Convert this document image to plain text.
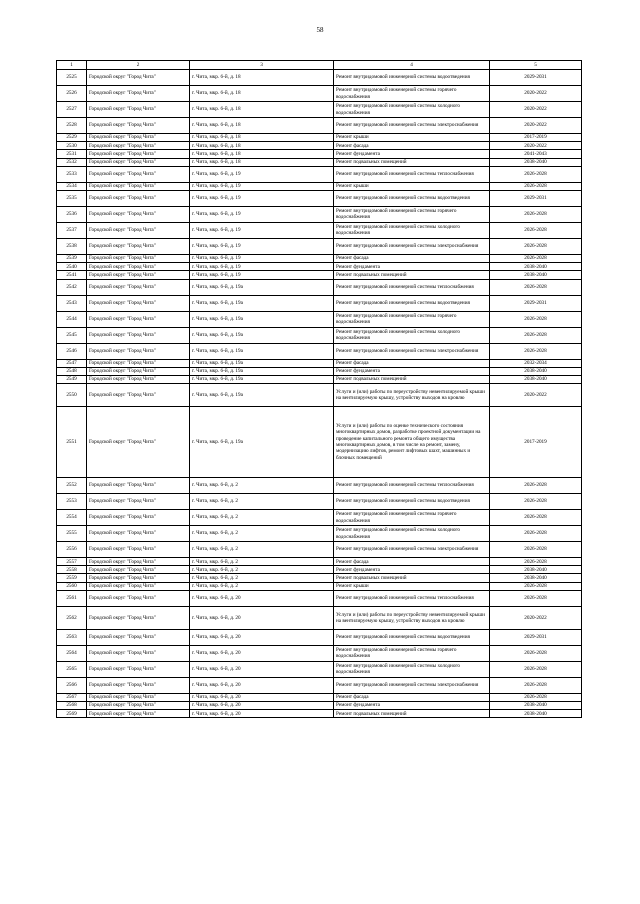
58
1	2	3	4	5
2525	Городской округ "Город Чита"	г. Чита, мкр. 6-й, д. 18	Ремонт внутридомовой инженерной системы водоотведения	2029-2031
2526	Городской округ "Город Чита"	г. Чита, мкр. 6-й, д. 18	Ремонт внутридомовой инженерной системы горячего водоснабжения	2020-2022
2527	Городской округ "Город Чита"	г. Чита, мкр. 6-й, д. 18	Ремонт внутридомовой инженерной системы холодного водоснабжения	2020-2022
2528	Городской округ "Город Чита"	г. Чита, мкр. 6-й, д. 18	Ремонт внутридомовой инженерной системы электроснабжения	2020-2022
2529	Городской округ "Город Чита"	г. Чита, мкр. 6-й, д. 18	Ремонт крыши	2017-2019
2530	Городской округ "Город Чита"	г. Чита, мкр. 6-й, д. 18	Ремонт фасада	2020-2022
2531	Городской округ "Город Чита"	г. Чита, мкр. 6-й, д. 18	Ремонт фундамента	2041-2043
2532	Городской округ "Город Чита"	г. Чита, мкр. 6-й, д. 18	Ремонт подвальных помещений	2038-2040
2533	Городской округ "Город Чита"	г. Чита, мкр. 6-й, д. 19	Ремонт внутридомовой инженерной системы теплоснабжения	2026-2028
2534	Городской округ "Город Чита"	г. Чита, мкр. 6-й, д. 19	Ремонт крыши	2026-2028
2535	Городской округ "Город Чита"	г. Чита, мкр. 6-й, д. 19	Ремонт внутридомовой инженерной системы водоотведения	2029-2031
2536	Городской округ "Город Чита"	г. Чита, мкр. 6-й, д. 19	Ремонт внутридомовой инженерной системы горячего водоснабжения	2026-2028
2537	Городской округ "Город Чита"	г. Чита, мкр. 6-й, д. 19	Ремонт внутридомовой инженерной системы холодного водоснабжения	2026-2028
2538	Городской округ "Город Чита"	г. Чита, мкр. 6-й, д. 19	Ремонт внутридомовой инженерной системы электроснабжения	2026-2028
2539	Городской округ "Город Чита"	г. Чита, мкр. 6-й, д. 19	Ремонт фасада	2026-2028
2540	Городской округ "Город Чита"	г. Чита, мкр. 6-й, д. 19	Ремонт фундамента	2038-2040
2541	Городской округ "Город Чита"	г. Чита, мкр. 6-й, д. 19	Ремонт подвальных помещений	2038-2040
2542	Городской округ "Город Чита"	г. Чита, мкр. 6-й, д. 19а	Ремонт внутридомовой инженерной системы теплоснабжения	2026-2028
2543	Городской округ "Город Чита"	г. Чита, мкр. 6-й, д. 19а	Ремонт внутридомовой инженерной системы водоотведения	2029-2031
2544	Городской округ "Город Чита"	г. Чита, мкр. 6-й, д. 19а	Ремонт внутридомовой инженерной системы горячего водоснабжения	2026-2028
2545	Городской округ "Город Чита"	г. Чита, мкр. 6-й, д. 19а	Ремонт внутридомовой инженерной системы холодного водоснабжения	2026-2028
2546	Городской округ "Город Чита"	г. Чита, мкр. 6-й, д. 19а	Ремонт внутридомовой инженерной системы электроснабжения	2026-2028
2547	Городской округ "Город Чита"	г. Чита, мкр. 6-й, д. 19а	Ремонт фасада	2032-2034
2548	Городской округ "Город Чита"	г. Чита, мкр. 6-й, д. 19а	Ремонт фундамента	2038-2040
2549	Городской округ "Город Чита"	г. Чита, мкр. 6-й, д. 19а	Ремонт подвальных помещений	2038-2040
2550	Городской округ "Город Чита"	г. Чита, мкр. 6-й, д. 19а	Услуги и (или) работы по переустройству невентилируемой крыши на вентилируемую крышу, устройству выходов на кровлю	2020-2022
2551	Городской округ "Город Чита"	г. Чита, мкр. 6-й, д. 19а	Услуги и (или) работы по оценке технического состояния многоквартирных домов, разработке проектной документации на проведение капитального ремонта общего имущества многоквартирных домов, в том числе на ремонт, замену, модернизацию лифтов, ремонт лифтовых шахт, машинных и блочных помещений	2017-2019
2552	Городской округ "Город Чита"	г. Чита, мкр. 6-й, д. 2	Ремонт внутридомовой инженерной системы теплоснабжения	2026-2028
2553	Городской округ "Город Чита"	г. Чита, мкр. 6-й, д. 2	Ремонт внутридомовой инженерной системы водоотведения	2026-2028
2554	Городской округ "Город Чита"	г. Чита, мкр. 6-й, д. 2	Ремонт внутридомовой инженерной системы горячего водоснабжения	2026-2028
2555	Городской округ "Город Чита"	г. Чита, мкр. 6-й, д. 2	Ремонт внутридомовой инженерной системы холодного водоснабжения	2026-2028
2556	Городской округ "Город Чита"	г. Чита, мкр. 6-й, д. 2	Ремонт внутридомовой инженерной системы электроснабжения	2026-2028
2557	Городской округ "Город Чита"	г. Чита, мкр. 6-й, д. 2	Ремонт фасада	2026-2028
2558	Городской округ "Город Чита"	г. Чита, мкр. 6-й, д. 2	Ремонт фундамента	2038-2040
2559	Городской округ "Город Чита"	г. Чита, мкр. 6-й, д. 2	Ремонт подвальных помещений	2038-2040
2560	Городской округ "Город Чита"	г. Чита, мкр. 6-й, д. 2	Ремонт крыши	2026-2028
2561	Городской округ "Город Чита"	г. Чита, мкр. 6-й, д. 20	Ремонт внутридомовой инженерной системы теплоснабжения	2026-2028
2562	Городской округ "Город Чита"	г. Чита, мкр. 6-й, д. 20	Услуги и (или) работы по переустройству невентилируемой крыши на вентилируемую крышу, устройству выходов на кровлю	2020-2022
2563	Городской округ "Город Чита"	г. Чита, мкр. 6-й, д. 20	Ремонт внутридомовой инженерной системы водоотведения	2029-2031
2564	Городской округ "Город Чита"	г. Чита, мкр. 6-й, д. 20	Ремонт внутридомовой инженерной системы горячего водоснабжения	2026-2028
2565	Городской округ "Город Чита"	г. Чита, мкр. 6-й, д. 20	Ремонт внутридомовой инженерной системы холодного водоснабжения	2026-2028
2566	Городской округ "Город Чита"	г. Чита, мкр. 6-й, д. 20	Ремонт внутридомовой инженерной системы электроснабжения	2026-2028
2567	Городской округ "Город Чита"	г. Чита, мкр. 6-й, д. 20	Ремонт фасада	2026-2028
2568	Городской округ "Город Чита"	г. Чита, мкр. 6-й, д. 20	Ремонт фундамента	2038-2040
2569	Городской округ "Город Чита"	г. Чита, мкр. 6-й, д. 20	Ремонт подвальных помещений	2038-2040
